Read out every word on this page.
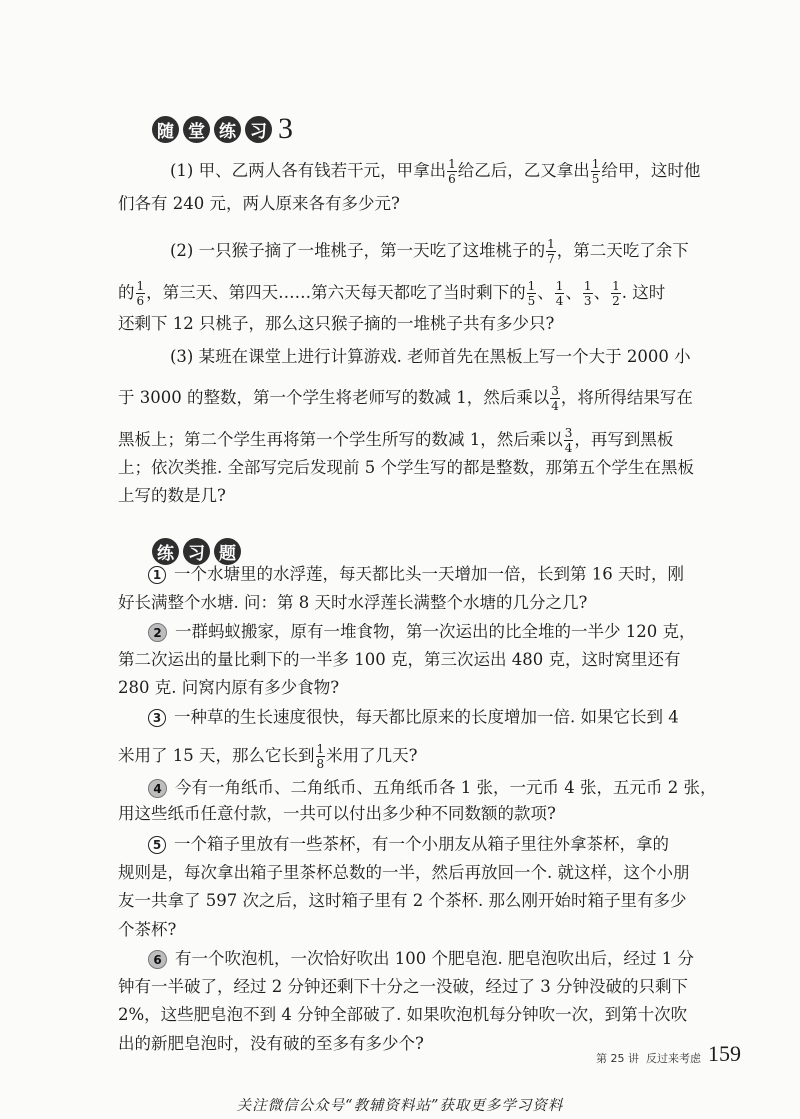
随 堂 练 习 3
(1) 甲、乙两人各有钱若干元，甲拿出 $\frac{1}{6}$ 给乙后，乙又拿出 $\frac{1}{5}$ 给甲，这时他
们各有 240 元，两人原来各有多少元?
(2) 一只猴子摘了一堆桃子，第一天吃了这堆桃子的 $\frac{1}{7}$ ，第二天吃了余下
的 $\frac{1}{6}$ ，第三天、第四天……第六天每天都吃了当时剩下的 $\frac{1}{5}$ 、 $\frac{1}{4}$ 、 $\frac{1}{3}$ 、 $\frac{1}{2}$ . 这时
还剩下 12 只桃子，那么这只猴子摘的一堆桃子共有多少只?
(3) 某班在课堂上进行计算游戏. 老师首先在黑板上写一个大于 2000 小
于 3000 的整数，第一个学生将老师写的数减 1，然后乘以 $\frac{3}{4}$ ，将所得结果写在
黑板上；第二个学生再将第一个学生所写的数减 1，然后乘以 $\frac{3}{4}$ ，再写到黑板
上；依次类推. 全部写完后发现前 5 个学生写的都是整数，那第五个学生在黑板
上写的数是几?
练 习 题
1 一个水塘里的水浮莲，每天都比头一天增加一倍，长到第 16 天时，刚
好长满整个水塘. 问：第 8 天时水浮莲长满整个水塘的几分之几?
2 一群蚂蚁搬家，原有一堆食物，第一次运出的比全堆的一半少 120 克，
第二次运出的量比剩下的一半多 100 克，第三次运出 480 克，这时窝里还有
280 克. 问窝内原有多少食物?
3 一种草的生长速度很快，每天都比原来的长度增加一倍. 如果它长到 4
米用了 15 天，那么它长到 $\frac{1}{8}$ 米用了几天?
4 今有一角纸币、二角纸币、五角纸币各 1 张，一元币 4 张，五元币 2 张，
用这些纸币任意付款，一共可以付出多少种不同数额的款项?
5 一个箱子里放有一些茶杯，有一个小朋友从箱子里往外拿茶杯，拿的
规则是，每次拿出箱子里茶杯总数的一半，然后再放回一个. 就这样，这个小朋
友一共拿了 597 次之后，这时箱子里有 2 个茶杯. 那么刚开始时箱子里有多少
个茶杯?
6 有一个吹泡机，一次恰好吹出 100 个肥皂泡. 肥皂泡吹出后，经过 1 分
钟有一半破了，经过 2 分钟还剩下十分之一没破，经过了 3 分钟没破的只剩下
2%，这些肥皂泡不到 4 分钟全部破了. 如果吹泡机每分钟吹一次，到第十次吹
出的新肥皂泡时，没有破的至多有多少个?
第 25 讲 反过来考虑 159
关注微信公众号“教辅资料站”获取更多学习资料
